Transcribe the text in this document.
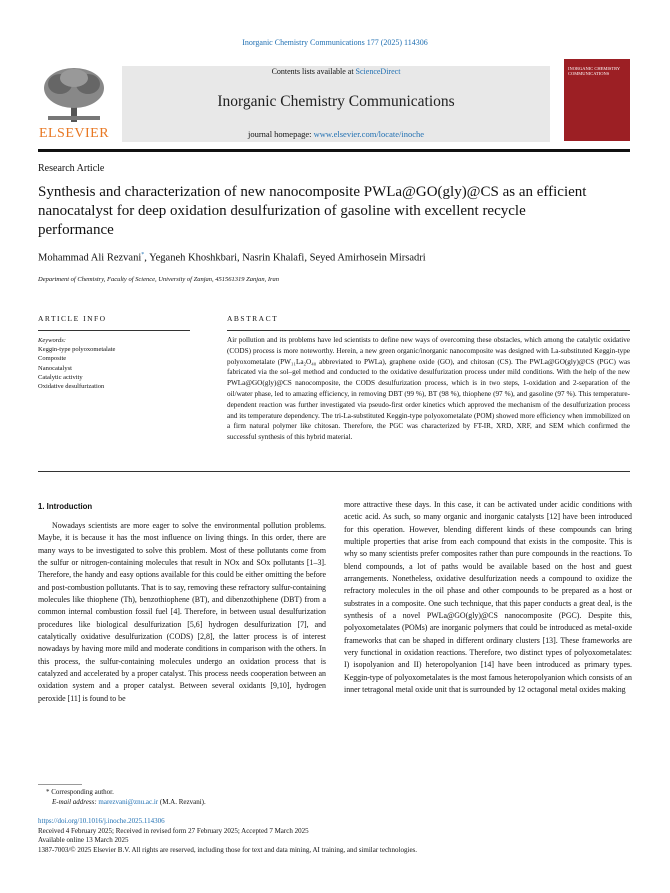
Inorganic Chemistry Communications 177 (2025) 114306
ELSEVIER
Contents lists available at ScienceDirect
Inorganic Chemistry Communications
journal homepage: www.elsevier.com/locate/inoche
INORGANIC CHEMISTRY COMMUNICATIONS
Research Article
Synthesis and characterization of new nanocomposite PWLa@GO(gly)@CS as an efficient nanocatalyst for deep oxidation desulfurization of gasoline with excellent recycle performance
Mohammad Ali Rezvani*, Yeganeh Khoshkbari, Nasrin Khalafi, Seyed Amirhosein Mirsadri
Department of Chemistry, Faculty of Science, University of Zanjan, 451561319 Zanjan, Iran
ARTICLE INFO
Keywords:
Keggin-type polyoxometalate
Composite
Nanocatalyst
Catalytic activity
Oxidative desulfurization
ABSTRACT
Air pollution and its problems have led scientists to define new ways of overcoming these obstacles, which among the catalytic oxidative (CODS) process is more noteworthy. Herein, a new green organic/inorganic nanocomposite was designed with La-substituted Keggin-type polyoxometalate (PW₁₁La₂O₄₀ abbreviated to PWLa), graphene oxide (GO), and chitosan (CS). The PWLa@GO(gly)@CS (PGC) was fabricated via the sol–gel method and conducted to the oxidative desulfurization process under mild conditions. With the help of the new PWLa@GO(gly)@CS nanocomposite, the CODS desulfurization process, which is in two steps, 1-oxidation and 2-separation of the oil/water phase, led to amazing efficiency, in removing DBT (99 %), BT (98 %), thiophene (97 %), and gasoline (97 %). This temperature-dependent reaction was further investigated via pseudo-first order kinetics which approved the mechanism of the desulfurization process and its temperature dependency. The tri-La-substituted Keggin-type polyoxometalate (POM) showed more efficiency when immobilized on a firm natural polymer like chitosan. Therefore, the PGC was characterized by FT-IR, XRD, XRF, and SEM which confirmed the successful synthesis of this hybrid material.
1. Introduction

Nowadays scientists are more eager to solve the environmental pollution problems. Maybe, it is because it has the most influence on living things. In this order, there are many ways to be investigated to solve this problem. Most of these pollutants come from the sulfur or nitrogen-containing molecules that result in NOx and SOx pollutants [1–3]. Therefore, the handy and easy options available for this could be either omitting the before and post-combustion pollutants. That is to say, removing these refractory sulfur-containing molecules like thiophene (Th), benzothiophene (BT), and dibenzothiphene (DBT) from a common internal combustion fossil fuel [4]. Therefore, in between usual desulfurization procedures like biological desulfurization [5,6] hydrogen desulfurization [7], and catalytically oxidative desulfurization (CODS) [2,8], the latter process is of interest nowadays by having more mild and moderate conditions in comparison with the others. In this process, the sulfur-containing molecules undergo an oxidation process that is catalyzed and accelerated by a proper catalyst. This process needs cooperation between an oxidation system and a proper catalyst. Between several oxidants [9,10], hydrogen peroxide [11] is found to be

more attractive these days. In this case, it can be activated under acidic conditions with acetic acid. As such, so many organic and inorganic catalysts [12] have been introduced for this operation. However, blending different kinds of these compounds can bring multiple properties that arise from each compound that exists in the composite. This is why so many scientists prefer composites rather than pure compounds in the reactions. To blend compounds, a lot of paths would be available based on the host and guest arrangements. Nonetheless, oxidative desulfurization needs a compound to oxidize the refractory molecules in the oil phase and other compounds to be prepared as a host or substrates in a composite. One such technique, that this paper conducts a great deal, is the synthesis of a novel PWLa@GO(gly)@CS nanocomposite (PGC). Despite this, polyoxometalates (POMs) are inorganic polymers that could be introduced as metal-oxide frameworks that can be shaped in different ordinary clusters [13]. These frameworks are very functional in oxidation reactions. Therefore, two distinct types of polyoxometalates: I) isopolyanion and II) heteropolyanion [14] have been introduced as primary types. Keggin-type of polyoxometalates is the most famous heteropolyanion which consists of an inner tetragonal metal oxide unit that is surrounded by 12 octagonal metal oxides making

* Corresponding author.
E-mail address: marezvani@znu.ac.ir (M.A. Rezvani).
https://doi.org/10.1016/j.inoche.2025.114306
Received 4 February 2025; Received in revised form 27 February 2025; Accepted 7 March 2025
Available online 13 March 2025
1387-7003/© 2025 Elsevier B.V. All rights are reserved, including those for text and data mining, AI training, and similar technologies.
